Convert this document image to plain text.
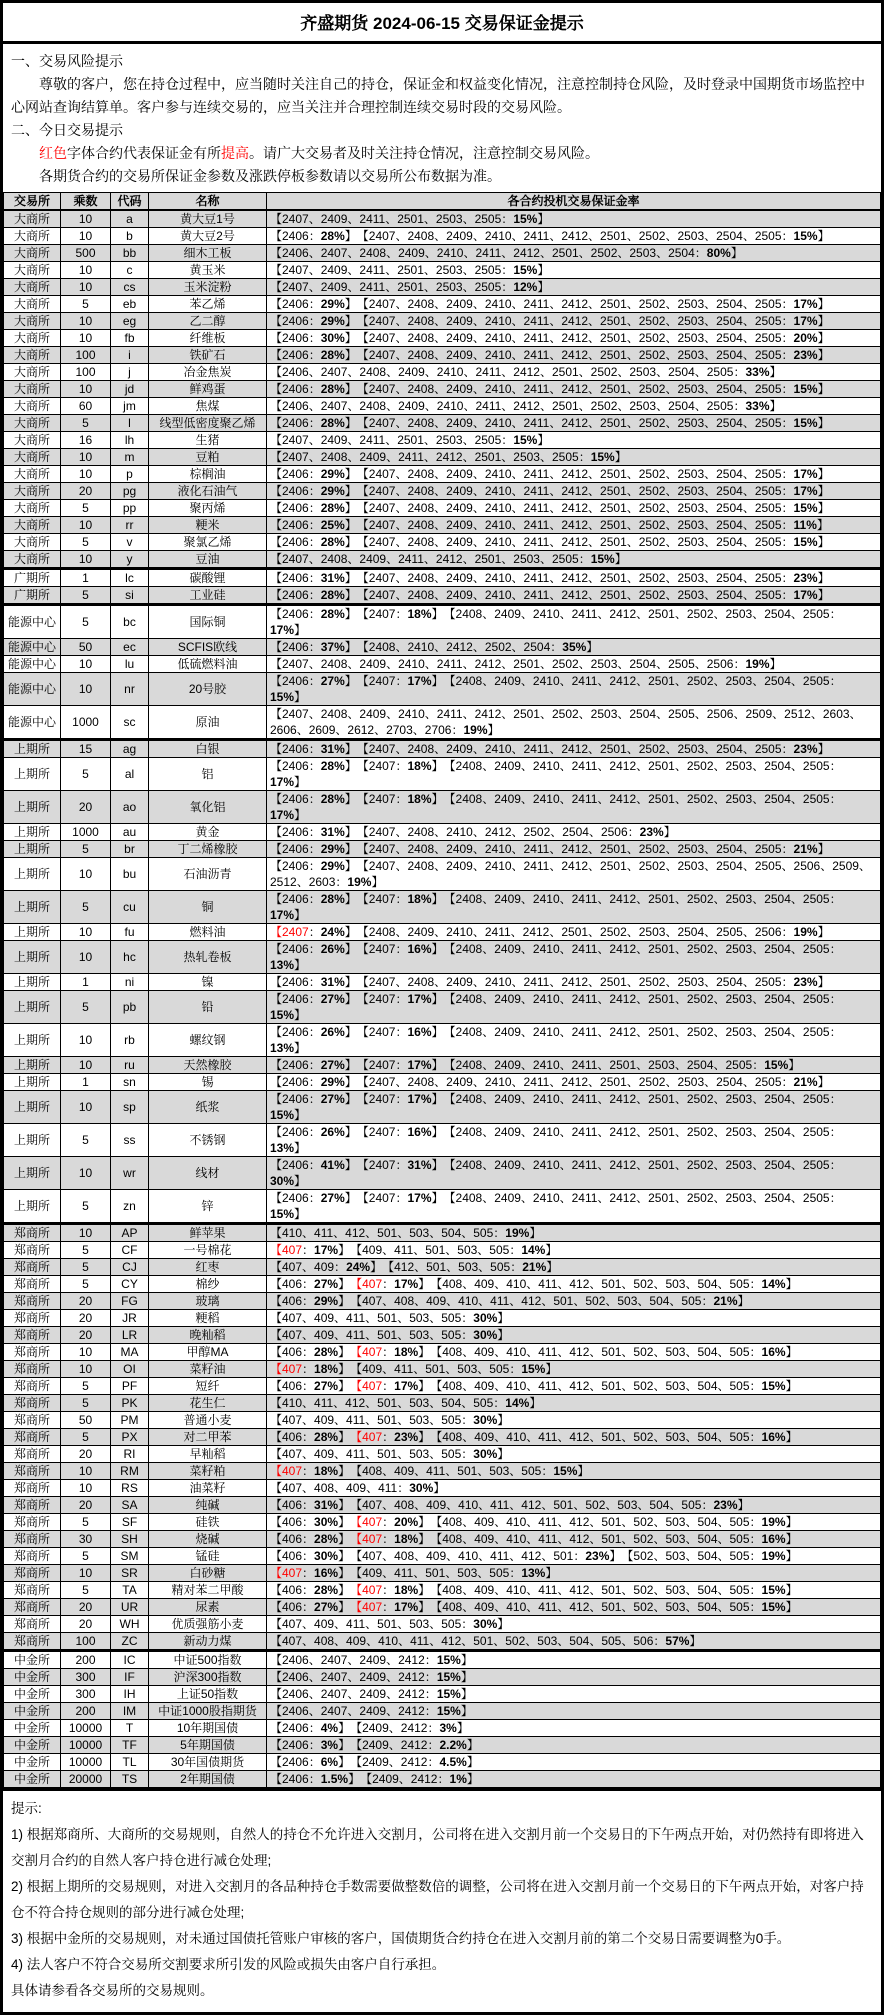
齐盛期货 2024-06-15 交易保证金提示
一、交易风险提示
尊敬的客户，您在持仓过程中，应当随时关注自己的持仓，保证金和权益变化情况，注意控制持仓风险，及时登录中国期货市场监控中心网站查询结算单。客户参与连续交易的，应当关注并合理控制连续交易时段的交易风险。
二、今日交易提示
红色字体合约代表保证金有所提高。请广大交易者及时关注持仓情况，注意控制交易风险。
各期货合约的交易所保证金参数及涨跌停板参数请以交易所公布数据为准。
交易所	乘数	代码	名称	各合约投机交易保证金率
大商所	10	a	黄大豆1号	【2407、2409、2411、2501、2503、2505：15%】
大商所	10	b	黄大豆2号	【2406：28%】 【2407、2408、2409、2410、2411、2412、2501、2502、2503、2504、2505：15%】
大商所	500	bb	细木工板	【2406、2407、2408、2409、2410、2411、2412、2501、2502、2503、2504：80%】
大商所	10	c	黄玉米	【2407、2409、2411、2501、2503、2505：15%】
大商所	10	cs	玉米淀粉	【2407、2409、2411、2501、2503、2505：12%】
大商所	5	eb	苯乙烯	【2406：29%】 【2407、2408、2409、2410、2411、2412、2501、2502、2503、2504、2505：17%】
大商所	10	eg	乙二醇	【2406：29%】 【2407、2408、2409、2410、2411、2412、2501、2502、2503、2504、2505：17%】
大商所	10	fb	纤维板	【2406：30%】 【2407、2408、2409、2410、2411、2412、2501、2502、2503、2504、2505：20%】
大商所	100	i	铁矿石	【2406：28%】 【2407、2408、2409、2410、2411、2412、2501、2502、2503、2504、2505：23%】
大商所	100	j	冶金焦炭	【2406、2407、2408、2409、2410、2411、2412、2501、2502、2503、2504、2505：33%】
大商所	10	jd	鲜鸡蛋	【2406：28%】 【2407、2408、2409、2410、2411、2412、2501、2502、2503、2504、2505：15%】
大商所	60	jm	焦煤	【2406、2407、2408、2409、2410、2411、2412、2501、2502、2503、2504、2505：33%】
大商所	5	l	线型低密度聚乙烯	【2406：28%】 【2407、2408、2409、2410、2411、2412、2501、2502、2503、2504、2505：15%】
大商所	16	lh	生猪	【2407、2409、2411、2501、2503、2505：15%】
大商所	10	m	豆粕	【2407、2408、2409、2411、2412、2501、2503、2505：15%】
大商所	10	p	棕榈油	【2406：29%】 【2407、2408、2409、2410、2411、2412、2501、2502、2503、2504、2505：17%】
大商所	20	pg	液化石油气	【2406：29%】 【2407、2408、2409、2410、2411、2412、2501、2502、2503、2504、2505：17%】
大商所	5	pp	聚丙烯	【2406：28%】 【2407、2408、2409、2410、2411、2412、2501、2502、2503、2504、2505：15%】
大商所	10	rr	粳米	【2406：25%】 【2407、2408、2409、2410、2411、2412、2501、2502、2503、2504、2505：11%】
大商所	5	v	聚氯乙烯	【2406：28%】 【2407、2408、2409、2410、2411、2412、2501、2502、2503、2504、2505：15%】
大商所	10	y	豆油	【2407、2408、2409、2411、2412、2501、2503、2505：15%】
广期所	1	lc	碳酸锂	【2406：31%】 【2407、2408、2409、2410、2411、2412、2501、2502、2503、2504、2505：23%】
广期所	5	si	工业硅	【2406：28%】 【2407、2408、2409、2410、2411、2412、2501、2502、2503、2504、2505：17%】
能源中心	5	bc	国际铜	【2406：28%】 【2407：18%】 【2408、2409、2410、2411、2412、2501、2502、2503、2504、2505：17%】
能源中心	50	ec	SCFIS欧线	【2406：37%】 【2408、2410、2412、2502、2504：35%】
能源中心	10	lu	低硫燃料油	【2407、2408、2409、2410、2411、2412、2501、2502、2503、2504、2505、2506：19%】
能源中心	10	nr	20号胶	【2406：27%】 【2407：17%】 【2408、2409、2410、2411、2412、2501、2502、2503、2504、2505：15%】
能源中心	1000	sc	原油	【2407、2408、2409、2410、2411、2412、2501、2502、2503、2504、2505、2506、2509、2512、2603、2606、2609、2612、2703、2706：19%】
上期所	15	ag	白银	【2406：31%】 【2407、2408、2409、2410、2411、2412、2501、2502、2503、2504、2505：23%】
上期所	5	al	铝	【2406：28%】 【2407：18%】 【2408、2409、2410、2411、2412、2501、2502、2503、2504、2505：17%】
上期所	20	ao	氧化铝	【2406：28%】 【2407：18%】 【2408、2409、2410、2411、2412、2501、2502、2503、2504、2505：17%】
上期所	1000	au	黄金	【2406：31%】 【2407、2408、2410、2412、2502、2504、2506：23%】
上期所	5	br	丁二烯橡胶	【2406：29%】 【2407、2408、2409、2410、2411、2412、2501、2502、2503、2504、2505：21%】
上期所	10	bu	石油沥青	【2406：29%】 【2407、2408、2409、2410、2411、2412、2501、2502、2503、2504、2505、2506、2509、2512、2603：19%】
上期所	5	cu	铜	【2406：28%】 【2407：18%】 【2408、2409、2410、2411、2412、2501、2502、2503、2504、2505：17%】
上期所	10	fu	燃料油	【2407：24%】 【2408、2409、2410、2411、2412、2501、2502、2503、2504、2505、2506：19%】
上期所	10	hc	热轧卷板	【2406：26%】 【2407：16%】 【2408、2409、2410、2411、2412、2501、2502、2503、2504、2505：13%】
上期所	1	ni	镍	【2406：31%】 【2407、2408、2409、2410、2411、2412、2501、2502、2503、2504、2505：23%】
上期所	5	pb	铅	【2406：27%】 【2407：17%】 【2408、2409、2410、2411、2412、2501、2502、2503、2504、2505：15%】
上期所	10	rb	螺纹钢	【2406：26%】 【2407：16%】 【2408、2409、2410、2411、2412、2501、2502、2503、2504、2505：13%】
上期所	10	ru	天然橡胶	【2406：27%】 【2407：17%】 【2408、2409、2410、2411、2501、2503、2504、2505：15%】
上期所	1	sn	锡	【2406：29%】 【2407、2408、2409、2410、2411、2412、2501、2502、2503、2504、2505：21%】
上期所	10	sp	纸浆	【2406：27%】 【2407：17%】 【2408、2409、2410、2411、2412、2501、2502、2503、2504、2505：15%】
上期所	5	ss	不锈钢	【2406：26%】 【2407：16%】 【2408、2409、2410、2411、2412、2501、2502、2503、2504、2505：13%】
上期所	10	wr	线材	【2406：41%】 【2407：31%】 【2408、2409、2410、2411、2412、2501、2502、2503、2504、2505：30%】
上期所	5	zn	锌	【2406：27%】 【2407：17%】 【2408、2409、2410、2411、2412、2501、2502、2503、2504、2505：15%】
郑商所	10	AP	鲜苹果	【410、411、412、501、503、504、505：19%】
郑商所	5	CF	一号棉花	【407：17%】 【409、411、501、503、505：14%】
郑商所	5	CJ	红枣	【407、409：24%】 【412、501、503、505：21%】
郑商所	5	CY	棉纱	【406：27%】 【407：17%】 【408、409、410、411、412、501、502、503、504、505：14%】
郑商所	20	FG	玻璃	【406：29%】 【407、408、409、410、411、412、501、502、503、504、505：21%】
郑商所	20	JR	粳稻	【407、409、411、501、503、505：30%】
郑商所	20	LR	晚籼稻	【407、409、411、501、503、505：30%】
郑商所	10	MA	甲醇MA	【406：28%】 【407：18%】 【408、409、410、411、412、501、502、503、504、505：16%】
郑商所	10	OI	菜籽油	【407：18%】 【409、411、501、503、505：15%】
郑商所	5	PF	短纤	【406：27%】 【407：17%】 【408、409、410、411、412、501、502、503、504、505：15%】
郑商所	5	PK	花生仁	【410、411、412、501、503、504、505：14%】
郑商所	50	PM	普通小麦	【407、409、411、501、503、505：30%】
郑商所	5	PX	对二甲苯	【406：28%】 【407：23%】 【408、409、410、411、412、501、502、503、504、505：16%】
郑商所	20	RI	早籼稻	【407、409、411、501、503、505：30%】
郑商所	10	RM	菜籽粕	【407：18%】 【408、409、411、501、503、505：15%】
郑商所	10	RS	油菜籽	【407、408、409、411：30%】
郑商所	20	SA	纯碱	【406：31%】 【407、408、409、410、411、412、501、502、503、504、505：23%】
郑商所	5	SF	硅铁	【406：30%】 【407：20%】 【408、409、410、411、412、501、502、503、504、505：19%】
郑商所	30	SH	烧碱	【406：28%】 【407：18%】 【408、409、410、411、412、501、502、503、504、505：16%】
郑商所	5	SM	锰硅	【406：30%】 【407、408、409、410、411、412、501：23%】 【502、503、504、505：19%】
郑商所	10	SR	白砂糖	【407：16%】 【409、411、501、503、505：13%】
郑商所	5	TA	精对苯二甲酸	【406：28%】 【407：18%】 【408、409、410、411、412、501、502、503、504、505：15%】
郑商所	20	UR	尿素	【406：27%】 【407：17%】 【408、409、410、411、412、501、502、503、504、505：15%】
郑商所	20	WH	优质强筋小麦	【407、409、411、501、503、505：30%】
郑商所	100	ZC	新动力煤	【407、408、409、410、411、412、501、502、503、504、505、506：57%】
中金所	200	IC	中证500指数	【2406、2407、2409、2412：15%】
中金所	300	IF	沪深300指数	【2406、2407、2409、2412：15%】
中金所	300	IH	上证50指数	【2406、2407、2409、2412：15%】
中金所	200	IM	中证1000股指期货	【2406、2407、2409、2412：15%】
中金所	10000	T	10年期国债	【2406：4%】 【2409、2412：3%】
中金所	10000	TF	5年期国债	【2406：3%】 【2409、2412：2.2%】
中金所	10000	TL	30年国债期货	【2406：6%】 【2409、2412：4.5%】
中金所	20000	TS	2年期国债	【2406：1.5%】 【2409、2412：1%】
提示:
1) 根据郑商所、大商所的交易规则，自然人的持仓不允许进入交割月，公司将在进入交割月前一个交易日的下午两点开始，对仍然持有即将进入交割月合约的自然人客户持仓进行减仓处理;
2) 根据上期所的交易规则，对进入交割月的各品种持仓手数需要做整数倍的调整，公司将在进入交割月前一个交易日的下午两点开始，对客户持仓不符合持仓规则的部分进行减仓处理;
3) 根据中金所的交易规则，对未通过国债托管账户审核的客户，国债期货合约持仓在进入交割月前的第二个交易日需要调整为0手。
4) 法人客户不符合交易所交割要求所引发的风险或损失由客户自行承担。
具体请参看各交易所的交易规则。
